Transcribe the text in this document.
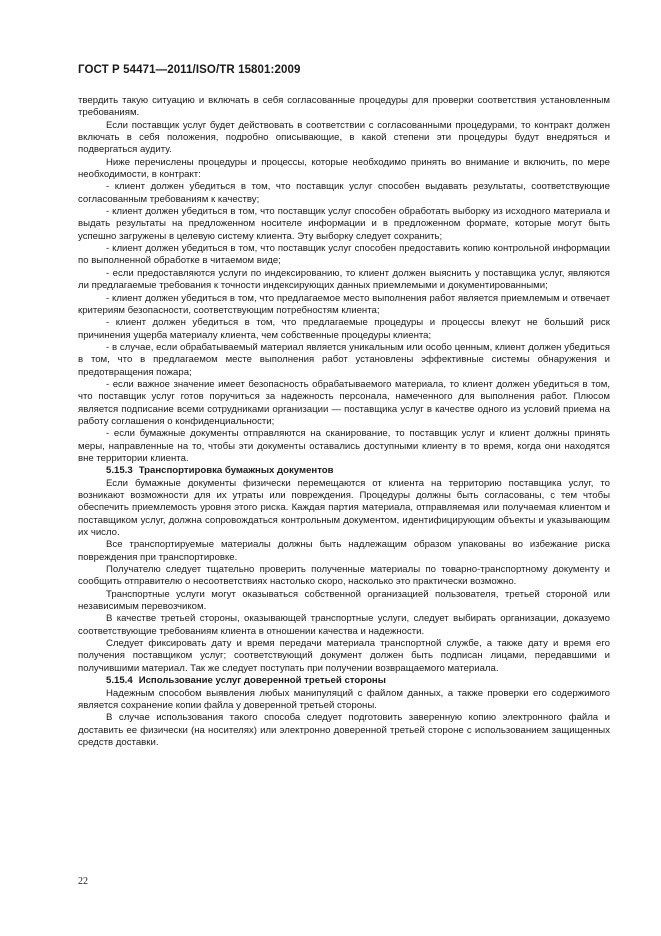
ГОСТ Р 54471—2011/ISO/TR 15801:2009

твердить такую ситуацию и включать в себя согласованные процедуры для проверки соответствия установленным требованиям.

Если поставщик услуг будет действовать в соответствии с согласованными процедурами, то контракт должен включать в себя положения, подробно описывающие, в какой степени эти процедуры будут внедряться и подвергаться аудиту.

Ниже перечислены процедуры и процессы, которые необходимо принять во внимание и включить, по мере необходимости, в контракт:

- клиент должен убедиться в том, что поставщик услуг способен выдавать результаты, соответствующие согласованным требованиям к качеству;

- клиент должен убедиться в том, что поставщик услуг способен обработать выборку из исходного материала и выдать результаты на предложенном носителе информации и в предложенном формате, которые могут быть успешно загружены в целевую систему клиента. Эту выборку следует сохранить;

- клиент должен убедиться в том, что поставщик услуг способен предоставить копию контрольной информации по выполненной обработке в читаемом виде;

- если предоставляются услуги по индексированию, то клиент должен выяснить у поставщика услуг, являются ли предлагаемые требования к точности индексирующих данных приемлемыми и документированными;

- клиент должен убедиться в том, что предлагаемое место выполнения работ является приемлемым и отвечает критериям безопасности, соответствующим потребностям клиента;

- клиент должен убедиться в том, что предлагаемые процедуры и процессы влекут не больший риск причинения ущерба материалу клиента, чем собственные процедуры клиента;

- в случае, если обрабатываемый материал является уникальным или особо ценным, клиент должен убедиться в том, что в предлагаемом месте выполнения работ установлены эффективные системы обнаружения и предотвращения пожара;

- если важное значение имеет безопасность обрабатываемого материала, то клиент должен убедиться в том, что поставщик услуг готов поручиться за надежность персонала, намеченного для выполнения работ. Плюсом является подписание всеми сотрудниками организации — поставщика услуг в качестве одного из условий приема на работу соглашения о конфиденциальности;

- если бумажные документы отправляются на сканирование, то поставщик услуг и клиент должны принять меры, направленные на то, чтобы эти документы оставались доступными клиенту в то время, когда они находятся вне территории клиента.

5.15.3 Транспортировка бумажных документов

Если бумажные документы физически перемещаются от клиента на территорию поставщика услуг, то возникают возможности для их утраты или повреждения. Процедуры должны быть согласованы, с тем чтобы обеспечить приемлемость уровня этого риска. Каждая партия материала, отправляемая или получаемая клиентом и поставщиком услуг, должна сопровождаться контрольным документом, идентифицирующим объекты и указывающим их число.

Все транспортируемые материалы должны быть надлежащим образом упакованы во избежание риска повреждения при транспортировке.

Получателю следует тщательно проверить полученные материалы по товарно-транспортному документу и сообщить отправителю о несоответствиях настолько скоро, насколько это практически возможно.

Транспортные услуги могут оказываться собственной организацией пользователя, третьей стороной или независимым перевозчиком.

В качестве третьей стороны, оказывающей транспортные услуги, следует выбирать организации, доказуемо соответствующие требованиям клиента в отношении качества и надежности.

Следует фиксировать дату и время передачи материала транспортной службе, а также дату и время его получения поставщиком услуг; соответствующий документ должен быть подписан лицами, передавшими и получившими материал. Так же следует поступать при получении возвращаемого материала.

5.15.4 Использование услуг доверенной третьей стороны

Надежным способом выявления любых манипуляций с файлом данных, а также проверки его содержимого является сохранение копии файла у доверенной третьей стороны.

В случае использования такого способа следует подготовить заверенную копию электронного файла и доставить ее физически (на носителях) или электронно доверенной третьей стороне с использованием защищенных средств доставки.

22
